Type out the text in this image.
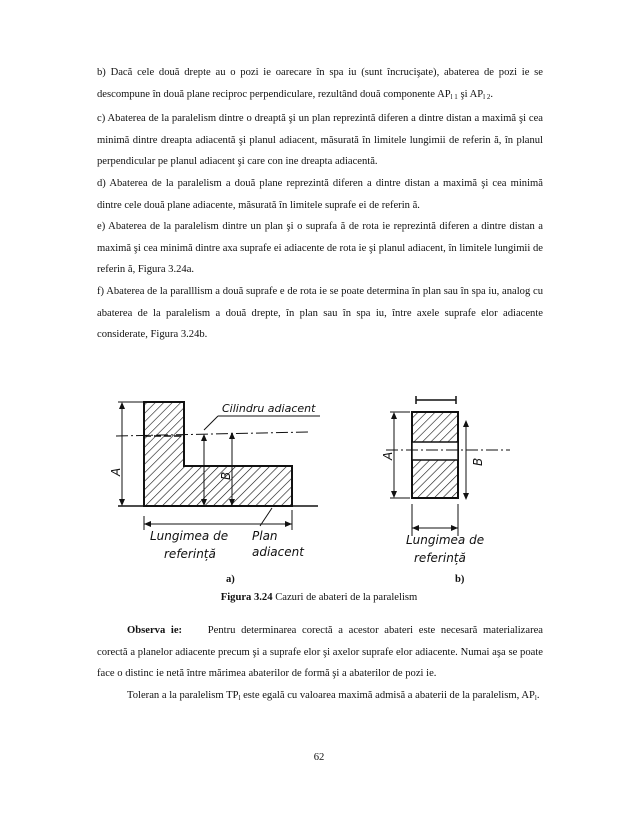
b) Dacă cele două drepte au o pozi ie oarecare în spa iu (sunt încrucişate), abaterea de pozi ie se descompune în două plane reciproc perpendiculare, rezultând două componente $AP_{l 1}$ şi $AP_{l 2}$.

c) Abaterea de la paralelism dintre o dreaptă şi un plan reprezintă diferen a dintre distan a maximă şi cea minimă dintre dreapta adiacentă şi planul adiacent, măsurată în limitele lungimii de referin ă, în planul perpendicular pe planul adiacent şi care con ine dreapta adiacentă.

d) Abaterea de la paralelism a două plane reprezintă diferen a dintre distan a maximă şi cea minimă dintre cele două plane adiacente, măsurată în limitele suprafe ei de referin ă.

e) Abaterea de la paralelism dintre un plan şi o suprafa ă de rota ie reprezintă diferen a dintre distan a maximă şi cea minimă dintre axa suprafe ei adiacente de rota ie şi planul adiacent, în limitele lungimii de referin ă, Figura 3.24a.

f) Abaterea de la paralllism a două suprafe e de rota ie se poate determina în plan sau în spa iu, analog cu abaterea de la paralelism a două drepte, în plan sau în spa iu, între axele suprafe elor adiacente considerate, Figura 3.24b.

Cilindru adiacent
A	B
Lungimea de
referință
Plan
adiacent
A
B
Lungimea de
referință
a)	b)
Figura 3.24 Cazuri de abateri de la paralelism

Observa ie: Pentru determinarea corectă a acestor abateri este necesară materializarea corectă a planelor adiacente precum şi a suprafe elor şi axelor suprafe elor adiacente. Numai aşa se poate face o distinc ie netă între mărimea abaterilor de formă şi a abaterilor de pozi ie.

Toleran a la paralelism $TP_l$ este egală cu valoarea maximă admisă a abaterii de la paralelism, $AP_l$.

62
